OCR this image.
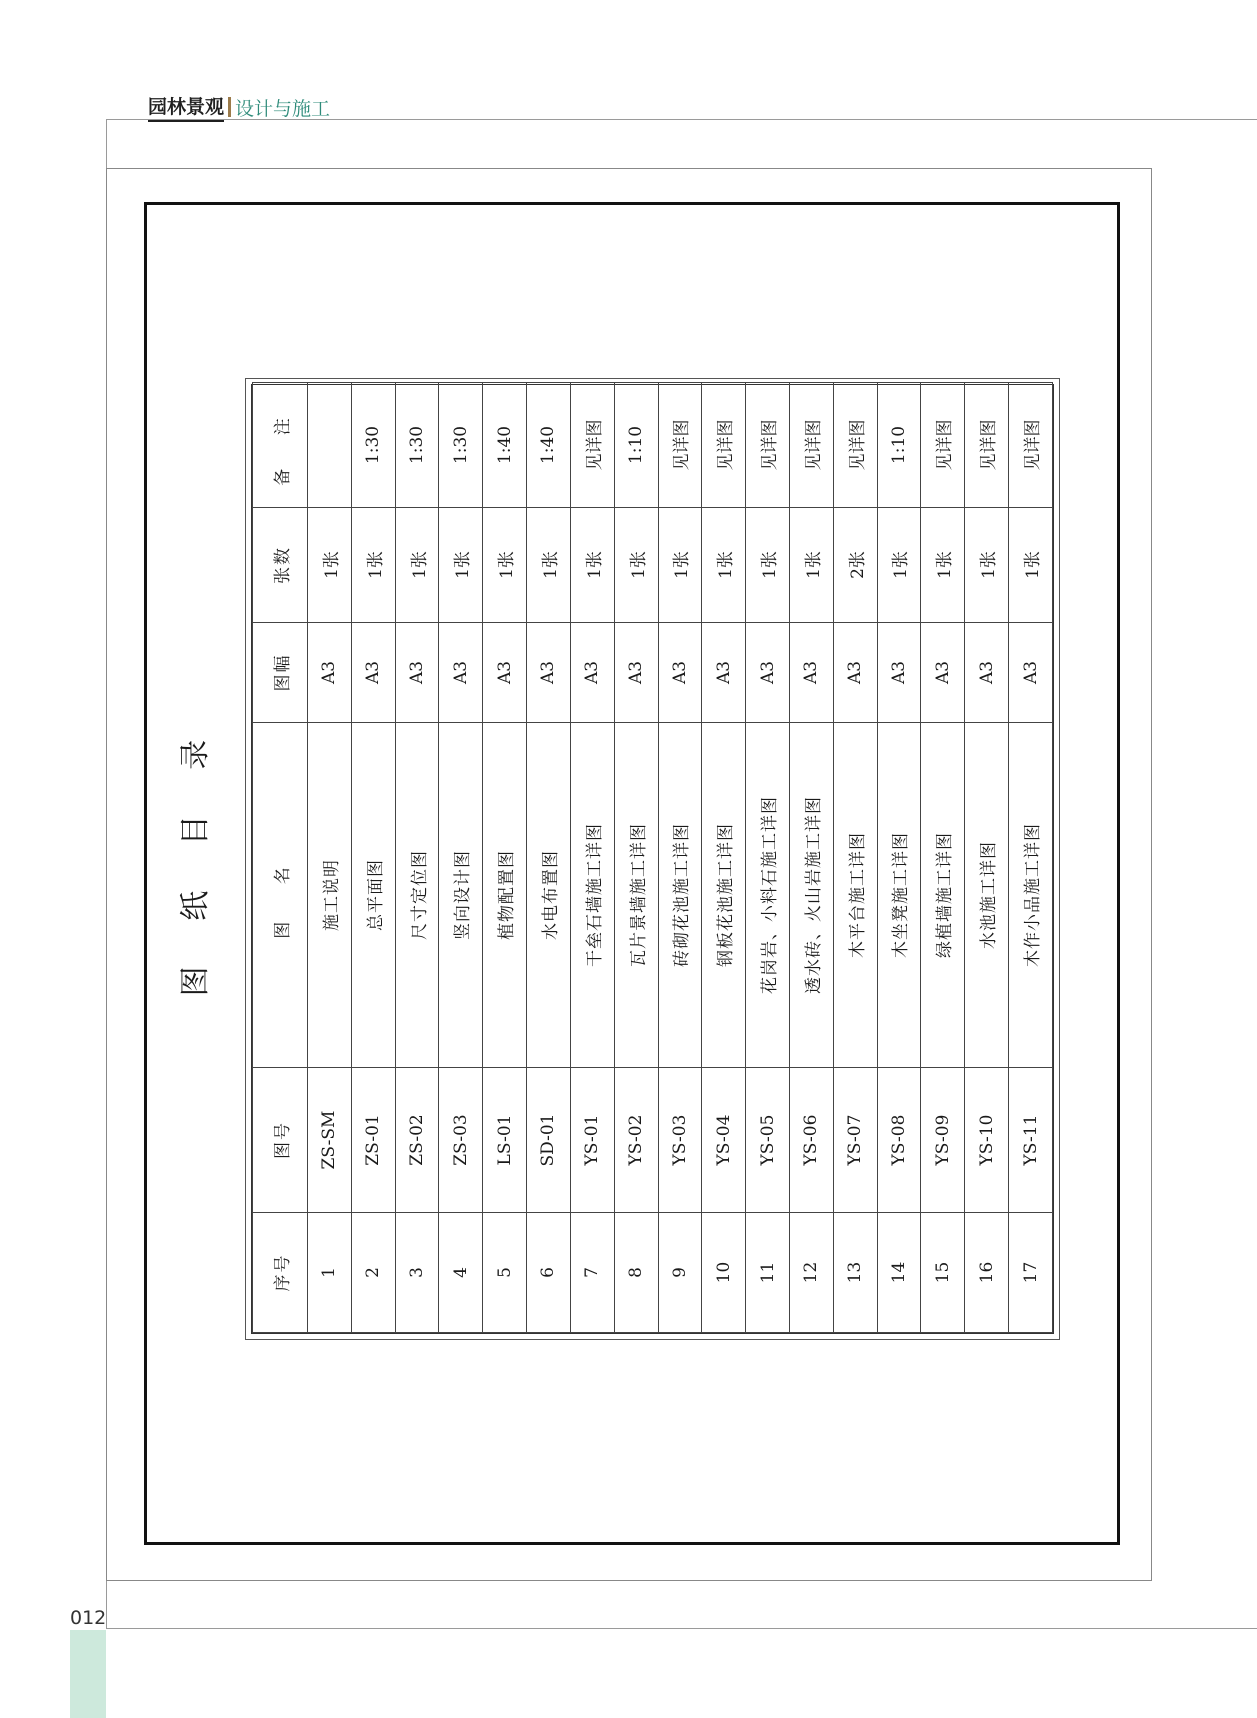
园林景观 设计与施工
图 纸 目 录
序号	图号	图 名	图幅	张数	备 注
1	ZS-SM	施工说明	A3	1张	
2	ZS-01	总平面图	A3	1张	1:30
3	ZS-02	尺寸定位图	A3	1张	1:30
4	ZS-03	竖向设计图	A3	1张	1:30
5	LS-01	植物配置图	A3	1张	1:40
6	SD-01	水电布置图	A3	1张	1:40
7	YS-01	干垒石墙施工详图	A3	1张	见详图
8	YS-02	瓦片景墙施工详图	A3	1张	1:10
9	YS-03	砖砌花池施工详图	A3	1张	见详图
10	YS-04	钢板花池施工详图	A3	1张	见详图
11	YS-05	花岗岩、小料石施工详图	A3	1张	见详图
12	YS-06	透水砖、火山岩施工详图	A3	1张	见详图
13	YS-07	木平台施工详图	A3	2张	见详图
14	YS-08	木坐凳施工详图	A3	1张	1:10
15	YS-09	绿植墙施工详图	A3	1张	见详图
16	YS-10	水池施工详图	A3	1张	见详图
17	YS-11	木作小品施工详图	A3	1张	见详图
012
